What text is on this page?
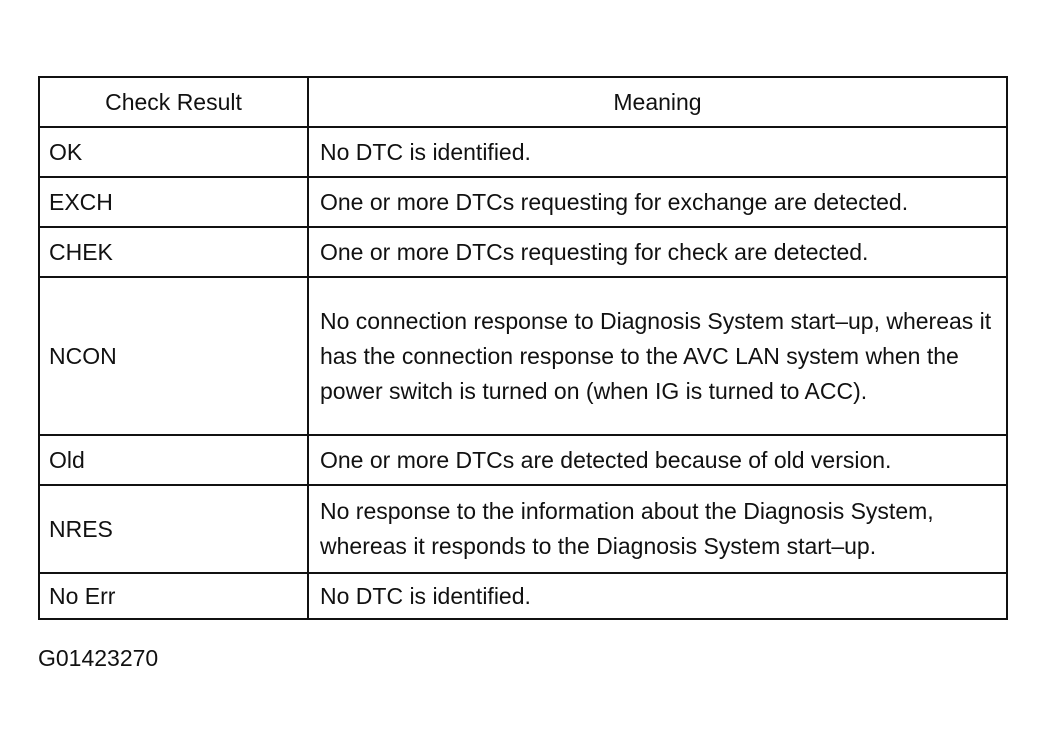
Check Result	Meaning
OK	No DTC is identified.
EXCH	One or more DTCs requesting for exchange are detected.
CHEK	One or more DTCs requesting for check are detected.
NCON	No connection response to Diagnosis System start–up, whereas it has the connection response to the AVC LAN system when the power switch is turned on (when IG is turned to ACC).
Old	One or more DTCs are detected because of old version.
NRES	No response to the information about the Diagnosis System, whereas it responds to the Diagnosis System start–up.
No Err	No DTC is identified.
G01423270
